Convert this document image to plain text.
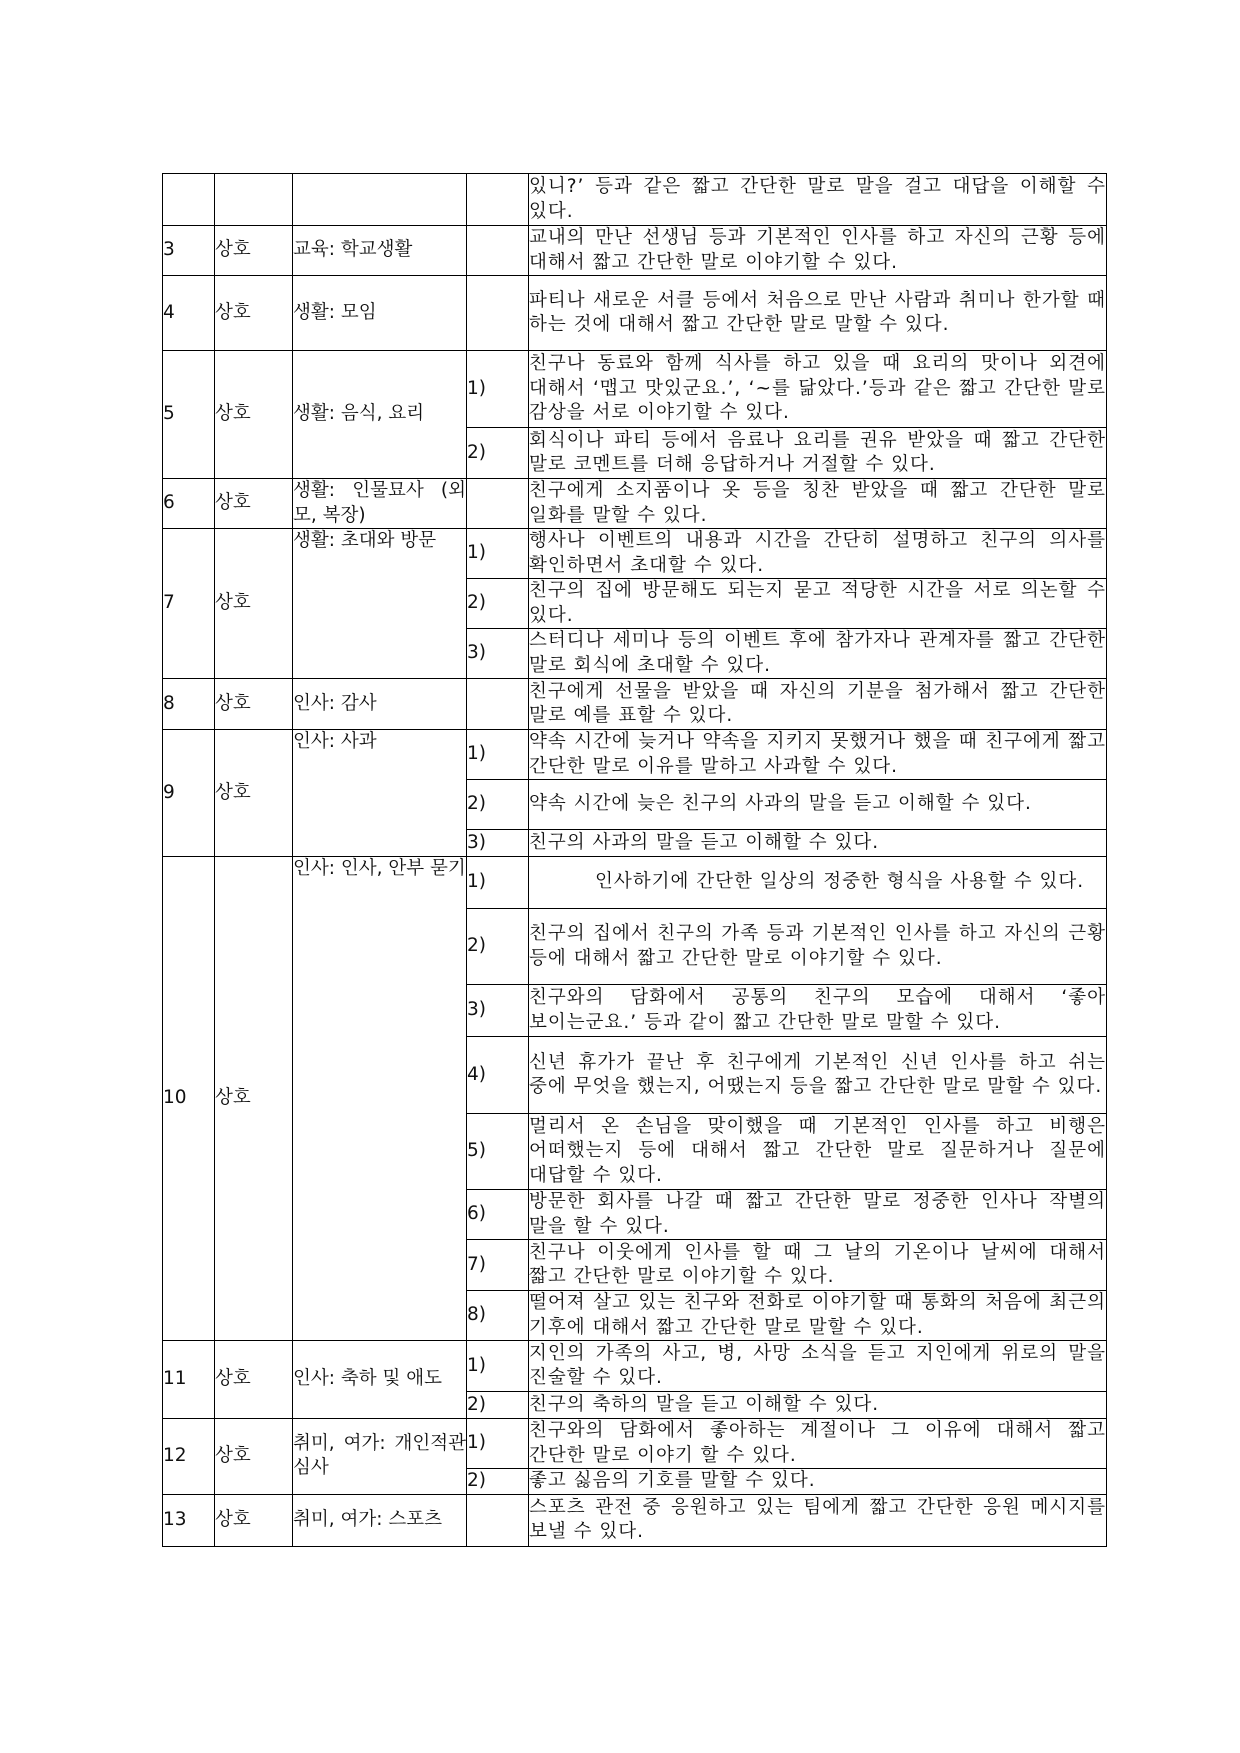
				있니?’ 등과 같은 짧고 간단한 말로 말을 걸고 대답을 이해할 수 있다.
3	상호	교육: 학교생활		교내의 만난 선생님 등과 기본적인 인사를 하고 자신의 근황 등에 대해서 짧고 간단한 말로 이야기할 수 있다.
4	상호	생활: 모임		파티나 새로운 서클 등에서 처음으로 만난 사람과 취미나 한가할 때 하는 것에 대해서 짧고 간단한 말로 말할 수 있다.
5	상호	생활: 음식, 요리	1)	친구나 동료와 함께 식사를 하고 있을 때 요리의 맛이나 외견에 대해서 ‘맵고 맛있군요.’, ‘~를 닮았다.’등과 같은 짧고 간단한 말로 감상을 서로 이야기할 수 있다.
			2)	회식이나 파티 등에서 음료나 요리를 권유 받았을 때 짧고 간단한 말로 코멘트를 더해 응답하거나 거절할 수 있다.
6	상호	생활: 인물묘사 (외모, 복장)		친구에게 소지품이나 옷 등을 칭찬 받았을 때 짧고 간단한 말로 일화를 말할 수 있다.
7	상호	생활: 초대와 방문	1)	행사나 이벤트의 내용과 시간을 간단히 설명하고 친구의 의사를 확인하면서 초대할 수 있다.
			2)	친구의 집에 방문해도 되는지 묻고 적당한 시간을 서로 의논할 수 있다.
			3)	스터디나 세미나 등의 이벤트 후에 참가자나 관계자를 짧고 간단한 말로 회식에 초대할 수 있다.
8	상호	인사: 감사		친구에게 선물을 받았을 때 자신의 기분을 첨가해서 짧고 간단한 말로 예를 표할 수 있다.
9	상호	인사: 사과	1)	약속 시간에 늦거나 약속을 지키지 못했거나 했을 때 친구에게 짧고 간단한 말로 이유를 말하고 사과할 수 있다.
			2)	약속 시간에 늦은 친구의 사과의 말을 듣고 이해할 수 있다.
			3)	친구의 사과의 말을 듣고 이해할 수 있다.
10	상호	인사: 인사, 안부 묻기	1)	인사하기에 간단한 일상의 정중한 형식을 사용할 수 있다.
			2)	친구의 집에서 친구의 가족 등과 기본적인 인사를 하고 자신의 근황 등에 대해서 짧고 간단한 말로 이야기할 수 있다.
			3)	친구와의 담화에서 공통의 친구의 모습에 대해서 ‘좋아 보이는군요.’ 등과 같이 짧고 간단한 말로 말할 수 있다.
			4)	신년 휴가가 끝난 후 친구에게 기본적인 신년 인사를 하고 쉬는 중에 무엇을 했는지, 어땠는지 등을 짧고 간단한 말로 말할 수 있다.
			5)	멀리서 온 손님을 맞이했을 때 기본적인 인사를 하고 비행은 어떠했는지 등에 대해서 짧고 간단한 말로 질문하거나 질문에 대답할 수 있다.
			6)	방문한 회사를 나갈 때 짧고 간단한 말로 정중한 인사나 작별의 말을 할 수 있다.
			7)	친구나 이웃에게 인사를 할 때 그 날의 기온이나 날씨에 대해서 짧고 간단한 말로 이야기할 수 있다.
			8)	떨어져 살고 있는 친구와 전화로 이야기할 때 통화의 처음에 최근의 기후에 대해서 짧고 간단한 말로 말할 수 있다.
11	상호	인사: 축하 및 애도	1)	지인의 가족의 사고, 병, 사망 소식을 듣고 지인에게 위로의 말을 진술할 수 있다.
			2)	친구의 축하의 말을 듣고 이해할 수 있다.
12	상호	취미, 여가: 개인적관심사	1)	친구와의 담화에서 좋아하는 계절이나 그 이유에 대해서 짧고 간단한 말로 이야기 할 수 있다.
			2)	좋고 싫음의 기호를 말할 수 있다.
13	상호	취미, 여가: 스포츠		스포츠 관전 중 응원하고 있는 팀에게 짧고 간단한 응원 메시지를 보낼 수 있다.
